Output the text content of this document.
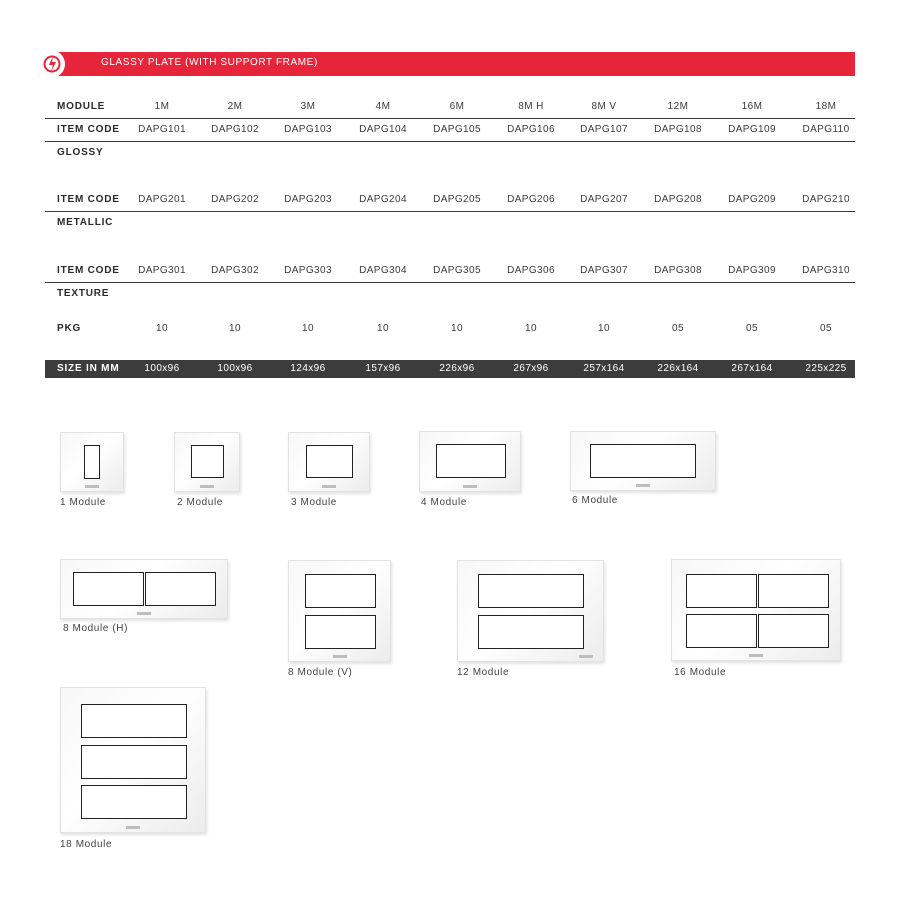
GLASSY PLATE (WITH SUPPORT FRAME)
MODULE	1M	2M	3M	4M	6M	8M H	8M V	12M	16M	18M
ITEM CODE	DAPG101	DAPG102	DAPG103	DAPG104	DAPG105	DAPG106	DAPG107	DAPG108	DAPG109	DAPG110
GLOSSY
ITEM CODE	DAPG201	DAPG202	DAPG203	DAPG204	DAPG205	DAPG206	DAPG207	DAPG208	DAPG209	DAPG210
METALLIC
ITEM CODE	DAPG301	DAPG302	DAPG303	DAPG304	DAPG305	DAPG306	DAPG307	DAPG308	DAPG309	DAPG310
TEXTURE
PKG	10	10	10	10	10	10	10	05	05	05
SIZE IN MM	100x96	100x96	124x96	157x96	226x96	267x96	257x164	226x164	267x164	225x225
1 Module	2 Module	3 Module	4 Module	6 Module
8 Module (H)
8 Module (V)	12 Module	16 Module
18 Module
